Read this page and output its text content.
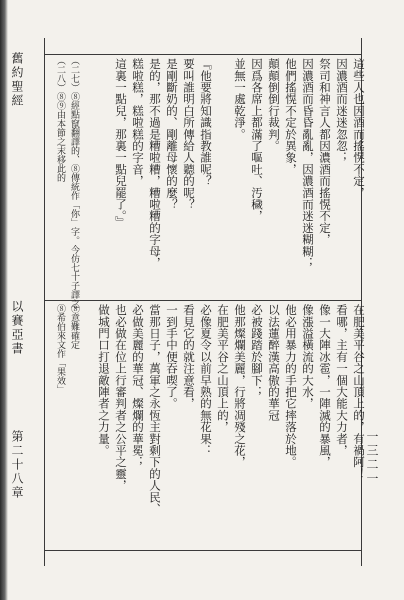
舊約聖經
以賽亞書
第二十八章	一三二一
這些人也因酒而搖愰不定，
因濃酒而迷迷忽忽；
祭司和神言人都因濃酒而搖愰不定，
因濃酒而昏昏亂亂，因濃酒而迷迷糊糊；
他們搖愰不定於異象，
顛顛倒倒行裁判。
因爲各席上都滿了嘔吐、汚穢，
並無一處乾淨。
『他要將知識指教誰呢？
要叫誰明白所傳給人聽的呢？
是剛斷奶的、剛離母懷的麼？
是的，那不過是糟啦糟，糟啦糟的字母，
糕啦糕，糕啦糕的字音，
這裏一點兒，那裏一點兒罷了。』
在肥美平谷之山頂上的，有禍阿！
看哪，主有一個大能大力者，
像一大陣冰雹，一陣滅的暴風，
像漲溢橫流的大水，
他必用暴力的手把它摔落於地。
以法蓮醉漢高傲的華冠
必被踐踏於腳下；
他那燦爛美麗，行將凋殘之花，
在肥美平谷之山頂上的，
必像夏令以前早熟的無花果：
看見它的就注意看，
一到手中便吞喫了。
當那日子，萬軍之永恆主對剩下的人民、
必做美麗的華冠、燦爛的華冕；
也必做在位上行審判者之公平之靈，
做城門口打退敵陣者之力量。
（二七）⑧經點竄翻譯的、⑧傳統作「你」字。今仿七十子譯之
（二八）⑧⑨由本節之末移此的
⑧意難確定
⑧希伯來文作「果效」
